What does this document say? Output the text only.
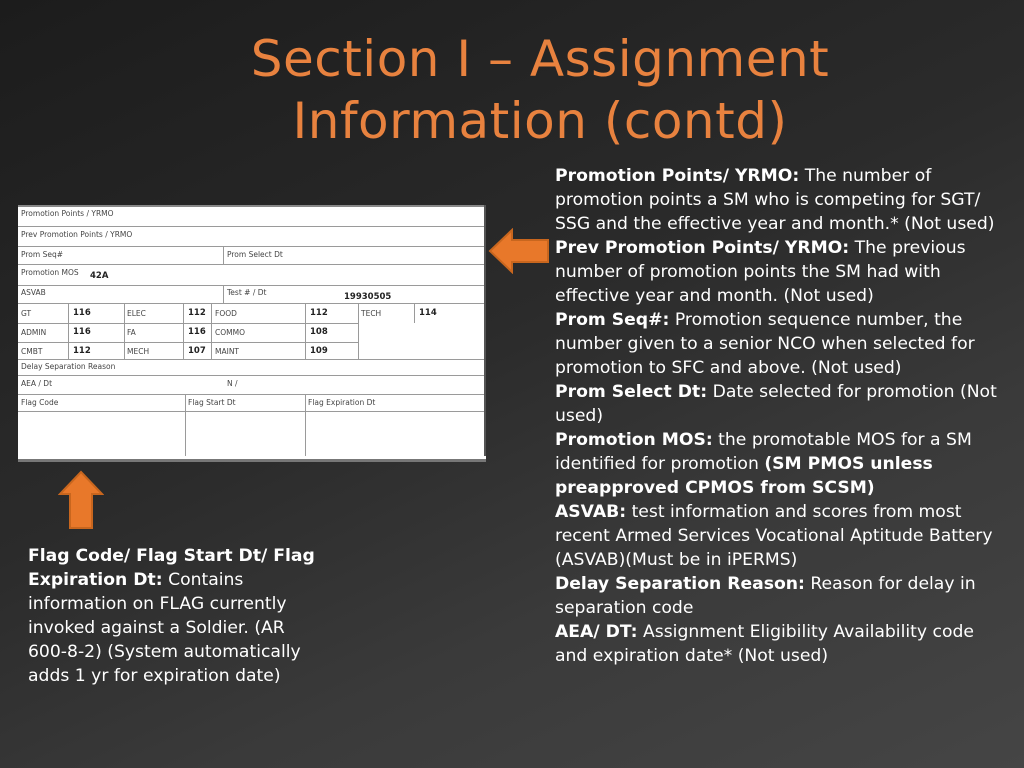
Section I – Assignment
Information (contd)
Promotion Points / YRMO
Prev Promotion Points / YRMO
Prom Seq#	Prom Select Dt
Promotion MOS 42A
ASVAB	Test # / Dt	19930505
GT	116	ELEC	112 FOOD	112	TECH	114
ADMIN	116	FA	116 COMMO	108
CMBT	112	MECH	107 MAINT	109
Delay Separation Reason
AEA / Dt	N /
Flag Code	Flag Start Dt	Flag Expiration Dt
Promotion Points/ YRMO: The number of promotion points a SM who is competing for SGT/ SSG and the effective year and month.* (Not used)
Prev Promotion Points/ YRMO: The previous number of promotion points the SM had with effective year and month. (Not used)
Prom Seq#: Promotion sequence number, the number given to a senior NCO when selected for promotion to SFC and above. (Not used)
Prom Select Dt: Date selected for promotion (Not used)
Promotion MOS: the promotable MOS for a SM identified for promotion (SM PMOS unless preapproved CPMOS from SCSM)
ASVAB: test information and scores from most recent Armed Services Vocational Aptitude Battery (ASVAB)(Must be in iPERMS)
Delay Separation Reason: Reason for delay in separation code
AEA/ DT: Assignment Eligibility Availability code and expiration date* (Not used)
Flag Code/ Flag Start Dt/ Flag Expiration Dt: Contains information on FLAG currently invoked against a Soldier. (AR 600-8-2) (System automatically adds 1 yr for expiration date)
